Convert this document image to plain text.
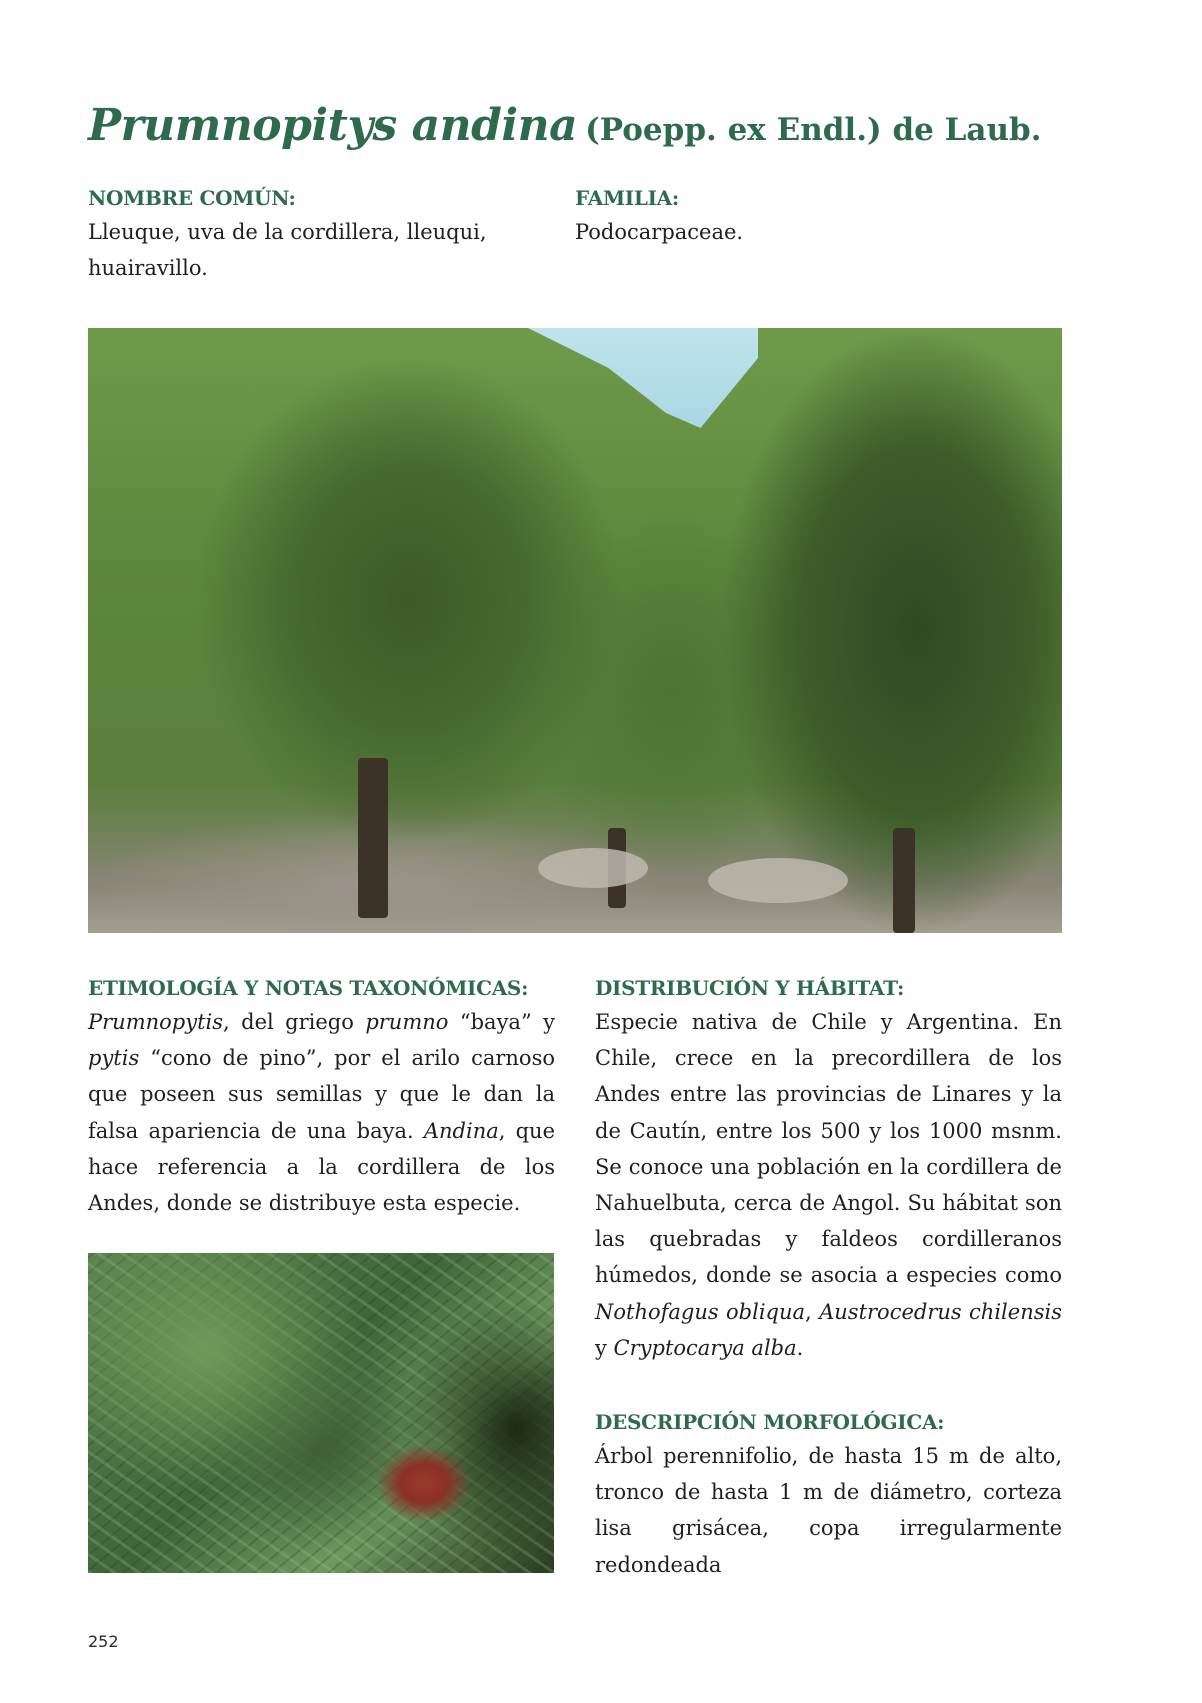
Prumnopitys andina (Poepp. ex Endl.) de Laub.
NOMBRE COMÚN:

Lleuque, uva de la cordillera, lleuqui, huairavillo.

FAMILIA:

Podocarpaceae.

ETIMOLOGÍA Y NOTAS TAXONÓMICAS:

Prumnopytis, del griego prumno “baya” y pytis “cono de pino”, por el arilo carnoso que poseen sus semillas y que le dan la falsa apariencia de una baya. Andina, que hace referencia a la cordillera de los Andes, donde se distribuye esta especie.

DISTRIBUCIÓN Y HÁBITAT:

Especie nativa de Chile y Argentina. En Chile, crece en la precordillera de los Andes entre las provincias de Linares y la de Cautín, entre los 500 y los 1000 msnm. Se conoce una población en la cordillera de Nahuelbuta, cerca de Angol. Su hábitat son las quebradas y faldeos cordilleranos húmedos, donde se asocia a especies como Nothofagus obliqua, Austrocedrus chilensis y Cryptocarya alba.

DESCRIPCIÓN MORFOLÓGICA:

Árbol perennifolio, de hasta 15 m de alto, tronco de hasta 1 m de diámetro, corteza lisa grisácea, copa irregularmente redondeada

252
